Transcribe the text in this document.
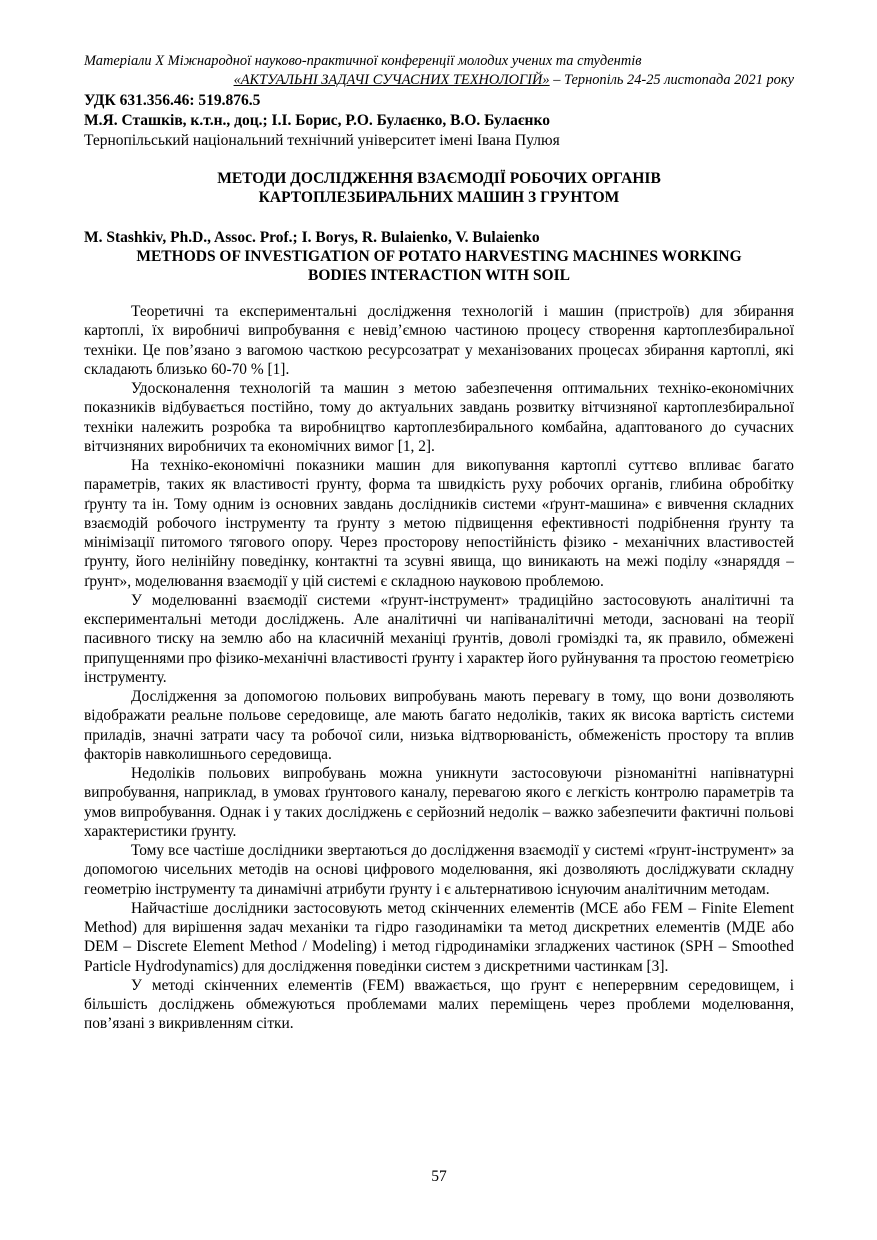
Матеріали Х Міжнародної науково-практичної конференції молодих учених та студентів
«АКТУАЛЬНІ ЗАДАЧІ СУЧАСНИХ ТЕХНОЛОГІЙ» – Тернопіль 24-25 листопада 2021 року
УДК 631.356.46: 519.876.5
М.Я. Сташків, к.т.н., доц.; І.І. Борис, Р.О. Булаєнко, В.О. Булаєнко
Тернопільський національний технічний університет імені Івана Пулюя
МЕТОДИ ДОСЛІДЖЕННЯ ВЗАЄМОДІЇ РОБОЧИХ ОРГАНІВ
КАРТОПЛЕЗБИРАЛЬНИХ МАШИН З ГРУНТОМ
M. Stashkiv, Ph.D., Assoc. Prof.; I. Borys, R. Bulaienko, V. Bulaienko
METHODS OF INVESTIGATION OF POTATO HARVESTING MACHINES WORKING
BODIES INTERACTION WITH SOIL

Теоретичні та експериментальні дослідження технологій і машин (пристроїв) для збирання картоплі, їх виробничі випробування є невід’ємною частиною процесу створення картоплезбиральної техніки. Це пов’язано з вагомою часткою ресурсозатрат у механізованих процесах збирання картоплі, які складають близько 60-70 % [1].

Удосконалення технологій та машин з метою забезпечення оптимальних техніко-економічних показників відбувається постійно, тому до актуальних завдань розвитку вітчизняної картоплезбиральної техніки належить розробка та виробництво картоплезбирального комбайна, адаптованого до сучасних вітчизняних виробничих та економічних вимог [1, 2].

На техніко-економічні показники машин для викопування картоплі суттєво впливає багато параметрів, таких як властивості ґрунту, форма та швидкість руху робочих органів, глибина обробітку ґрунту та ін. Тому одним із основних завдань дослідників системи «ґрунт-машина» є вивчення складних взаємодій робочого інструменту та ґрунту з метою підвищення ефективності подрібнення ґрунту та мінімізації питомого тягового опору. Через просторову непостійність фізико - механічних властивостей ґрунту, його нелінійну поведінку, контактні та зсувні явища, що виникають на межі поділу «знаряддя – ґрунт», моделювання взаємодії у цій системі є складною науковою проблемою.

У моделюванні взаємодії системи «ґрунт-інструмент» традиційно застосовують аналітичні та експериментальні методи досліджень. Але аналітичні чи напіваналітичні методи, засновані на теорії пасивного тиску на землю або на класичній механіці ґрунтів, доволі громіздкі та, як правило, обмежені припущеннями про фізико-механічні властивості ґрунту і характер його руйнування та простою геометрією інструменту.

Дослідження за допомогою польових випробувань мають перевагу в тому, що вони дозволяють відображати реальне польове середовище, але мають багато недоліків, таких як висока вартість системи приладів, значні затрати часу та робочої сили, низька відтворюваність, обмеженість простору та вплив факторів навколишнього середовища.

Недоліків польових випробувань можна уникнути застосовуючи різноманітні напівнатурні випробування, наприклад, в умовах ґрунтового каналу, перевагою якого є легкість контролю параметрів та умов випробування. Однак і у таких досліджень є серйозний недолік – важко забезпечити фактичні польові характеристики ґрунту.

Тому все частіше дослідники звертаються до дослідження взаємодії у системі «ґрунт-інструмент» за допомогою чисельних методів на основі цифрового моделювання, які дозволяють досліджувати складну геометрію інструменту та динамічні атрибути ґрунту і є альтернативою існуючим аналітичним методам.

Найчастіше дослідники застосовують метод скінченних елементів (МСЕ або FEM – Finite Element Method) для вирішення задач механіки та гідро газодинаміки та метод дискретних елементів (МДЕ або DEM – Discrete Element Method / Modeling) і метод гідродинаміки згладжених частинок (SPH – Smoothed Particle Hydrodynamics) для дослідження поведінки систем з дискретними частинкам [3].

У методі скінченних елементів (FEM) вважається, що ґрунт є неперервним середовищем, і більшість досліджень обмежуються проблемами малих переміщень через проблеми моделювання, пов’язані з викривленням сітки.

57
